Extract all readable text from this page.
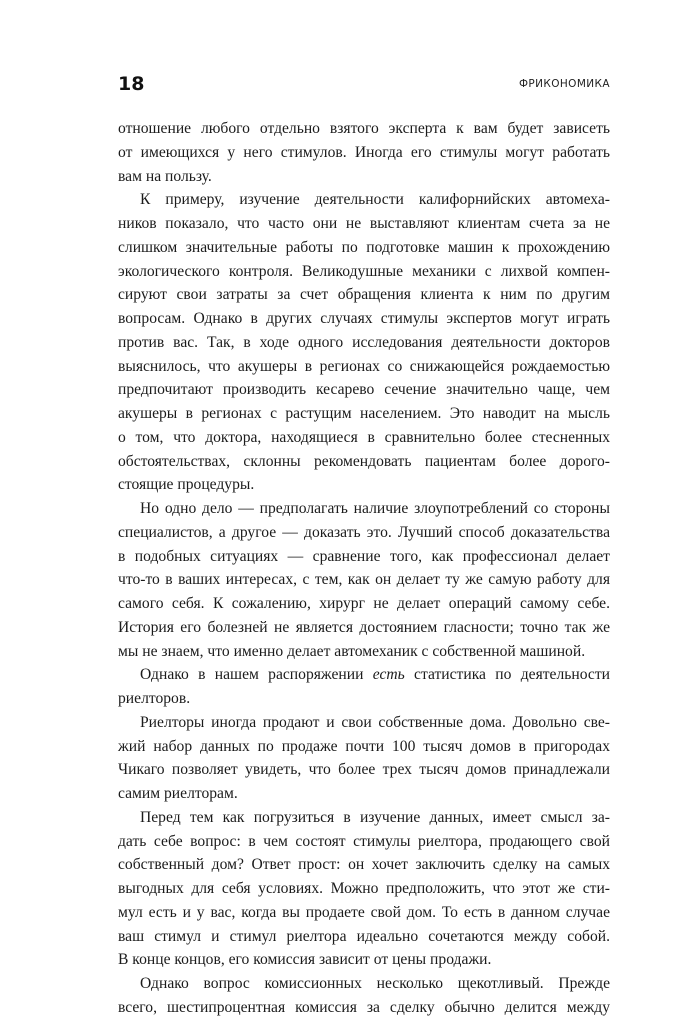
18	ФРИКОНОМИКА
отношение любого отдельно взятого эксперта к вам будет зависеть
от имеющихся у него стимулов. Иногда его стимулы могут работать
вам на пользу.
К примеру, изучение деятельности калифорнийских автомеха-
ников показало, что часто они не выставляют клиентам счета за не
слишком значительные работы по подготовке машин к прохождению
экологического контроля. Великодушные механики с лихвой компен-
сируют свои затраты за счет обращения клиента к ним по другим
вопросам. Однако в других случаях стимулы экспертов могут играть
против вас. Так, в ходе одного исследования деятельности докторов
выяснилось, что акушеры в регионах со снижающейся рождаемостью
предпочитают производить кесарево сечение значительно чаще, чем
акушеры в регионах с растущим населением. Это наводит на мысль
о том, что доктора, находящиеся в сравнительно более стесненных
обстоятельствах, склонны рекомендовать пациентам более дорого-
стоящие процедуры.
Но одно дело — предполагать наличие злоупотреблений со стороны
специалистов, а другое — доказать это. Лучший способ доказательства
в подобных ситуациях — сравнение того, как профессионал делает
что-то в ваших интересах, с тем, как он делает ту же самую работу для
самого себя. К сожалению, хирург не делает операций самому себе.
История его болезней не является достоянием гласности; точно так же
мы не знаем, что именно делает автомеханик с собственной машиной.
Однако в нашем распоряжении есть статистика по деятельности
риелторов.
Риелторы иногда продают и свои собственные дома. Довольно све-
жий набор данных по продаже почти 100 тысяч домов в пригородах
Чикаго позволяет увидеть, что более трех тысяч домов принадлежали
самим риелторам.
Перед тем как погрузиться в изучение данных, имеет смысл за-
дать себе вопрос: в чем состоят стимулы риелтора, продающего свой
собственный дом? Ответ прост: он хочет заключить сделку на самых
выгодных для себя условиях. Можно предположить, что этот же сти-
мул есть и у вас, когда вы продаете свой дом. То есть в данном случае
ваш стимул и стимул риелтора идеально сочетаются между собой.
В конце концов, его комиссия зависит от цены продажи.
Однако вопрос комиссионных несколько щекотливый. Прежде
всего, шестипроцентная комиссия за сделку обычно делится между
